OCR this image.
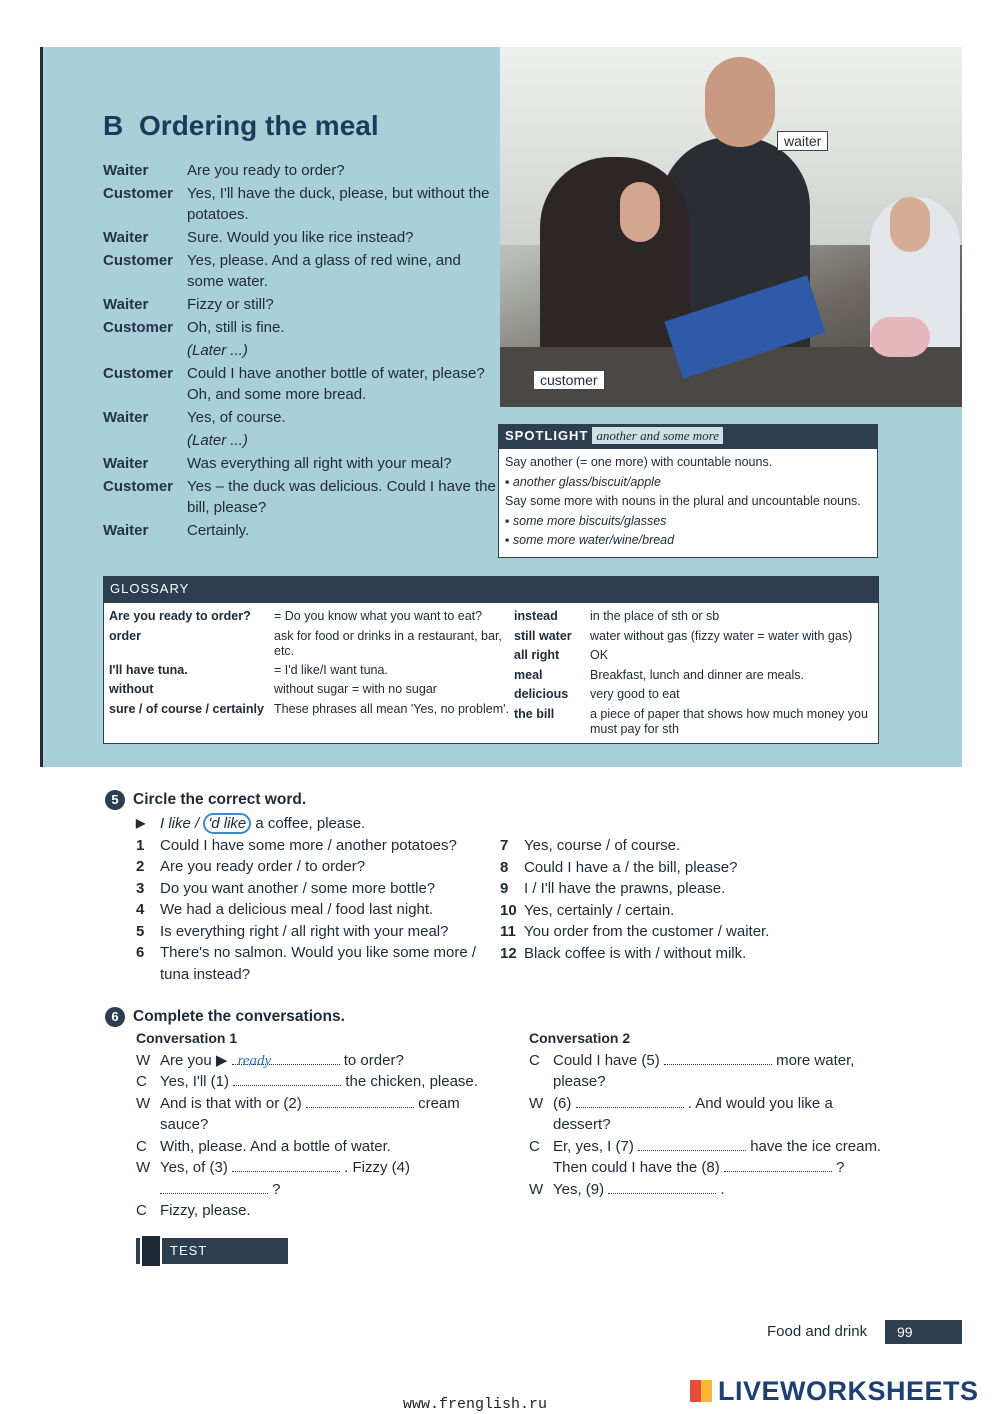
waiter
customer
B Ordering the meal
Waiter	Are you ready to order?
Customer Yes, I'll have the duck, please, but without the potatoes.
Waiter	Sure. Would you like rice instead?
Customer Yes, please. And a glass of red wine, and some water.
Waiter	Fizzy or still?
Customer Oh, still is fine.
(Later ...)
Customer Could I have another bottle of water, please? Oh, and some more bread.
Waiter	Yes, of course.
(Later ...)
Waiter	Was everything all right with your meal?
Customer Yes – the duck was delicious. Could I have the bill, please?
Waiter	Certainly.
SPOTLIGHT another and some more
Say another (= one more) with countable nouns.
▪ another glass/biscuit/apple
Say some more with nouns in the plural and uncountable nouns.
▪ some more biscuits/glasses
▪ some more water/wine/bread
GLOSSARY
Are you ready to order?	= Do you know what you want to eat?
order	ask for food or drinks in a restaurant, bar, etc.
I'll have tuna.	= I'd like/I want tuna.
without	without sugar = with no sugar
sure / of course / certainly These phrases all mean 'Yes, no problem'.
instead	in the place of sth or sb
still water	water without gas (fizzy water = water with gas)
all right	OK
meal	Breakfast, lunch and dinner are meals.
delicious	very good to eat
the bill	a piece of paper that shows how much money you must pay for sth
5 Circle the correct word.
▶ I like / 'd like a coffee, please.
1	Could I have some more / another potatoes?
2	Are you ready order / to order?
3	Do you want another / some more bottle?
4	We had a delicious meal / food last night.
5	Is everything right / all right with your meal?
6	There's no salmon. Would you like some more / tuna instead?
7	Yes, course / of course.
8	Could I have a / the bill, please?
9	I / I'll have the prawns, please.
10 Yes, certainly / certain.
11 You order from the customer / waiter.
12 Black coffee is with / without milk.
6 Complete the conversations.
Conversation 1
W Are you ▶ ready	to order?
C Yes, I'll (1)	the chicken, please.
W And is that with or (2)	cream sauce?
C With, please. And a bottle of water.
W Yes, of (3)	. Fizzy (4)  ?
C Fizzy, please.
Conversation 2
C Could I have (5)	more water, please?
W (6)	. And would you like a dessert?
C Er, yes, I (7)	have the ice cream. Then could I have the (8)	?
W Yes, (9)	.
TEST YOURSELF
Food and drink	99
www.frenglish.ru	LIVEWORKSHEETS
